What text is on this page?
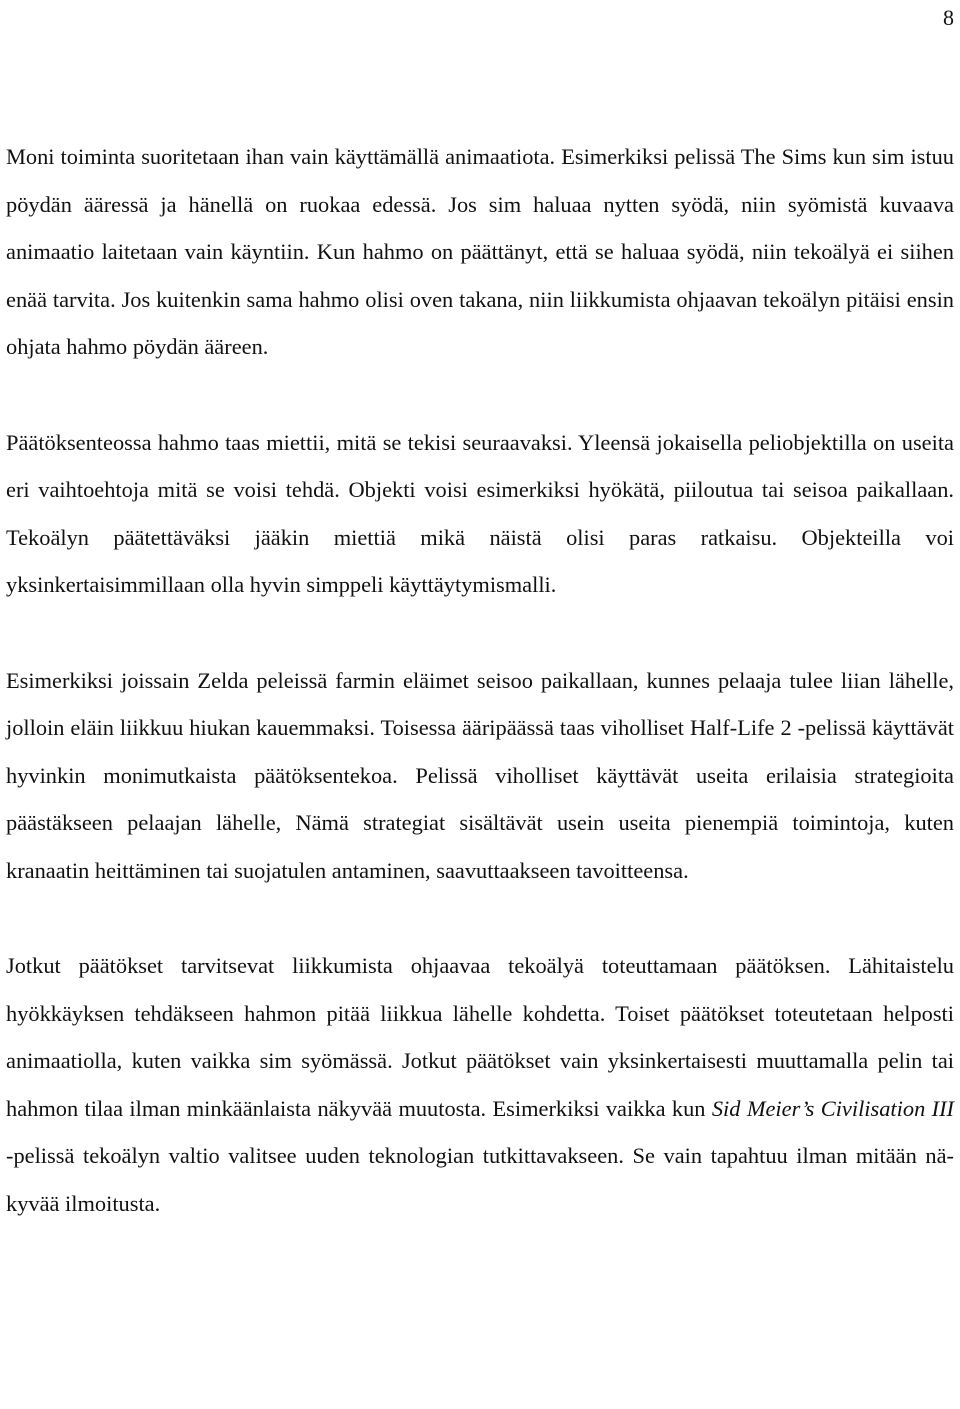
8

Moni toiminta suoritetaan ihan vain käyttämällä animaatiota. Esimerkiksi pelissä The Sims kun sim istuu pöydän ääressä ja hänellä on ruokaa edessä. Jos sim haluaa nytten syödä, niin syömistä kuvaava animaatio laitetaan vain käyntiin. Kun hahmo on päättänyt, että se haluaa syödä, niin tekoälyä ei siihen enää tarvita. Jos kuitenkin sama hahmo olisi oven takana, niin liikkumista ohjaavan tekoälyn pitäisi ensin ohjata hahmo pöydän ääreen.

Päätöksenteossa hahmo taas miettii, mitä se tekisi seuraavaksi. Yleensä jokaisella peliobjektilla on useita eri vaihtoehtoja mitä se voisi tehdä. Objekti voisi esimerkiksi hyökätä, piiloutua tai seisoa paikallaan. Tekoälyn päätettäväksi jääkin miettiä mikä näistä olisi paras ratkaisu. Objekteilla voi yksinkertaisimmillaan olla hyvin simppeli käyttäytymismalli.

Esimerkiksi joissain Zelda peleissä farmin eläimet seisoo paikallaan, kunnes pelaaja tulee liian lähelle, jolloin eläin liikkuu hiukan kauemmaksi. Toisessa ääripäässä taas viholliset Half-Life 2 -pelissä käyttävät hyvinkin monimutkaista päätöksentekoa. Pelissä viholliset käyttävät useita erilaisia strategioita päästäkseen pelaajan lähelle, Nämä strategiat sisältävät usein useita pienempiä toimintoja, kuten kranaatin heittäminen tai suojatulen antaminen, saavuttaakseen tavoitteensa.

Jotkut päätökset tarvitsevat liikkumista ohjaavaa tekoälyä toteuttamaan päätöksen. Lähitaistelu hyökkäyksen tehdäkseen hahmon pitää liikkua lähelle kohdetta. Toiset päätökset toteutetaan helposti animaatiolla, kuten vaikka sim syömässä. Jotkut päätökset vain yksinkertaisesti muuttamalla pelin tai hahmon tilaa ilman minkäänlaista näkyvää muutosta. Esimerkiksi vaikka kun Sid Meier’s Civilisation III -pelissä tekoälyn valtio valitsee uuden teknologian tutkittavakseen. Se vain tapahtuu ilman mitään näkyvää ilmoitusta.
